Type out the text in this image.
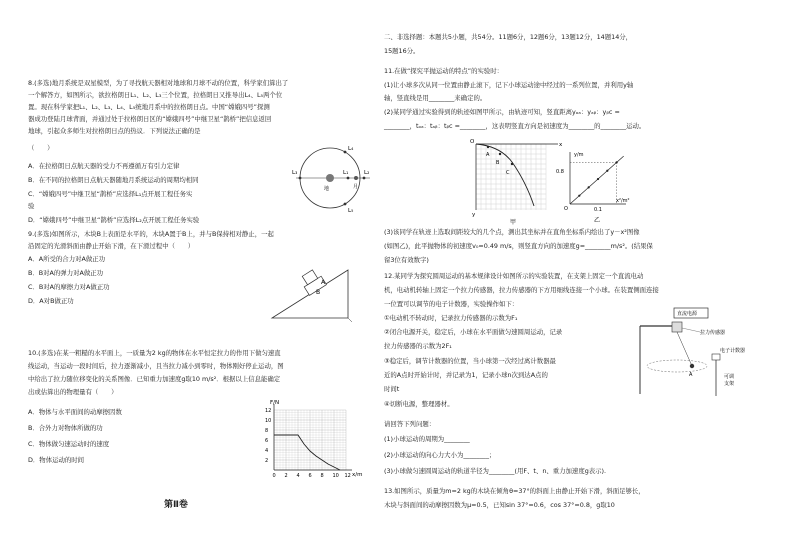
8.(多选)地月系统是双星模型，为了寻找航天器相对地球和月球不动的位置，科学家们算出了
一个解答方，如图所示，欲拉格朗日L₁、L₂、L₃三个位置，拉格朗日又推导出L₄、L₅两个位
置。现在科学家把L₁、L₂、L₃、L₄、L₅统地月系中的拉格朗日点。中国“嫦娥四号”探测
器成功登陆月球背面，并通过处于拉格朗日区的“嫦娥四号”中继卫星“鹊桥”把信息返回
地球，引起众多师生对拉格朗日点的热议．下列说法正确的是
（　　）
A．在拉格朗日点航天器的受力不再遵循万有引力定律
B．在不同的拉格朗日点航天器随地月系统运动的周期均相同
C．“嫦娥四号”中继卫星“鹊桥”应选择L₁点开展工程任务实
验
D．“嫦娥四号”中继卫星“鹊桥”应选择L₂点开展工程任务实验
L₄
L₁	L₂
L₃
L₅
地	月
9.(多选)如图所示，木块B上表面是水平的，木块A置于B上，并与B保持相对静止，一起
沿固定的光滑斜面由静止开始下滑，在下滑过程中（　　）
A．A所受的合力对A做正功
B．B对A的弹力对A做正功
C．B对A的摩擦力对A做正功
D．A对B做正功
A
B
10.(多选)在某一粗糙的水平面上，一质量为2 kg的物体在水平恒定拉力的作用下做匀速直
线运动，当运动一段时间后，拉力逐渐减小，且当拉力减小到零时，物体刚好停止运动，图
中给出了拉力随位移变化的关系图像．已知重力加速度g取10 m/s²．根据以上信息能确定
出或估算出的物理量有（　　）
A．物体与水平面间的动摩擦因数
B．合外力对物体所做的功
C．物体做匀速运动时的速度
D．物体运动的时间
0 2 4 6 8 10 12
2
4
6
8
10
12
F/N
x/m
第Ⅱ卷
二、非选择题：本题共5小题，共54分。11题6分，12题6分，13题12分，14题14分，
15题16分。
11.在做“探究平抛运动的特点”的实验时：
(1)让小球多次从同一位置由静止滚下，记下小球运动途中经过的一系列位置，并利用y轴
轴，竖直线是用________来确定的。
(2)某同学通过实验得到的轨迹如图甲所示，由轨迹可知，竖直距离yₒₐ：yₐᵦ：yᵦᴄ =
________，tₒₐ：tₐᵦ：tᵦᴄ =________，这表明竖直方向是初速度为________的________运动。
O	x
y
A
B
C
甲
y/m
x²/m²
0.8
0.1
O
乙
(3)该同学在轨迹上选取间距较大的几个点，测出其坐标并在直角坐标系内绘出了y－x²图像
(如图乙)，此平抛物体的初速度v₀=0.49 m/s，则竖直方向的加速度g=________m/s²。(结果保
留3位有效数字)
12.某同学为探究圆周运动的基本规律设计如图所示的实验装置，在支架上固定一个直流电动
机，电动机转轴上固定一个拉力传感器，拉力传感器的下方用细线连接一个小球。在装置侧面连接
一位置可以调节的电子计数器，实验操作如下：
①电动机不转动时，记录拉力传感器的示数为F₁
②闭合电源开关，稳定后，小球在水平面做匀速圆周运动，记录
拉力传感器的示数为2F₁
③稳定后，调节计数器的位置，当小球第一次经过离计数器最
近的A点时开始计时，并记录为1，记录小球n次到达A点的
时间t
④切断电源，整理器材。
直流电源
拉力传感器
A
电子计数器
可调
支架
请回答下列问题：
(1)小球运动的周期为________
(2)小球运动的向心力大小为________；
(3)小球做匀速圆周运动的轨道半径为________(用F、t、n、重力加速度g表示).
13.如图所示，质量为m=2 kg的木块在倾角θ=37°的斜面上由静止开始下滑，斜面足够长，
木块与斜面间的动摩擦因数为μ=0.5，已知sin 37°=0.6，cos 37°=0.8，g取10
